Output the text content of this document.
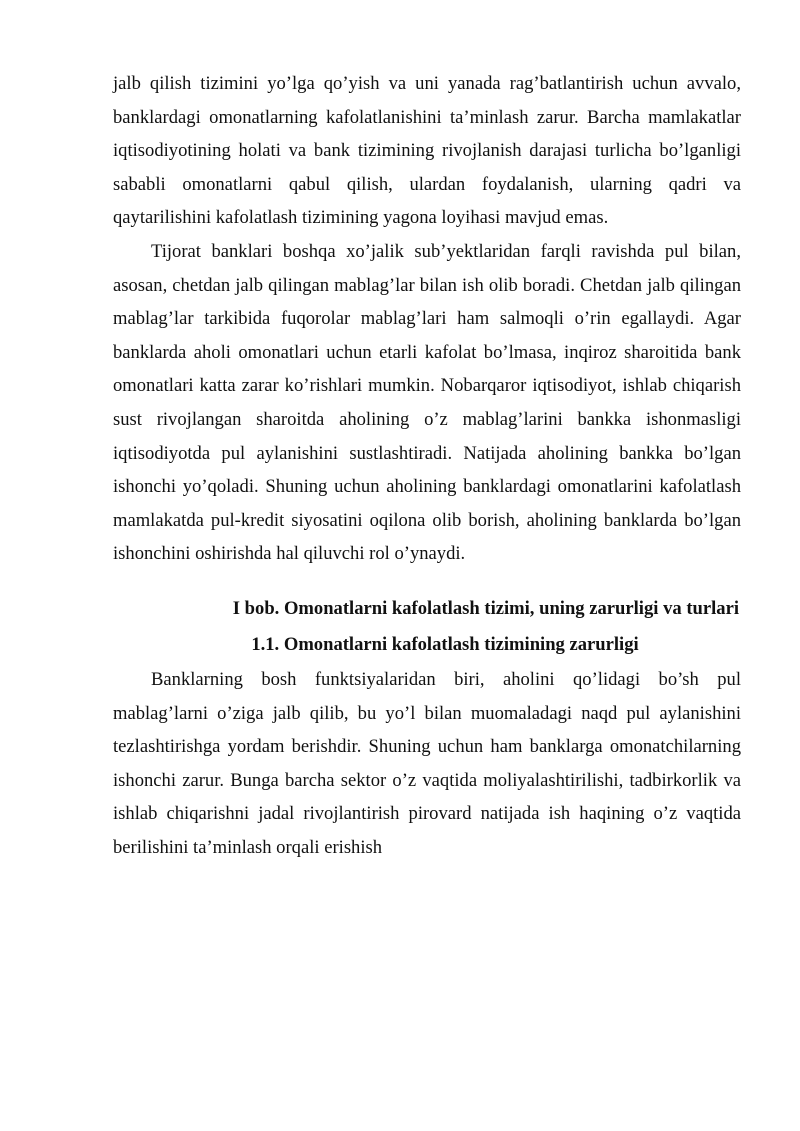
jalb qilish tizimini yo’lga qo’yish va uni yanada rag’batlantirish uchun avvalo, banklardagi omonatlarning kafolatlanishini ta’minlash zarur. Barcha mamlakatlar iqtisodiyotining holati va bank tizimining rivojlanish darajasi turlicha bo’lganligi sababli omonatlarni qabul qilish, ulardan foydalanish, ularning qadri va qaytarilishini kafolatlash tizimining yagona loyihasi mavjud emas.

Tijorat banklari boshqa xo’jalik sub’yektlaridan farqli ravishda pul bilan, asosan, chetdan jalb qilingan mablag’lar bilan ish olib boradi. Chetdan jalb qilingan mablag’lar tarkibida fuqorolar mablag’lari ham salmoqli o’rin egallaydi. Agar banklarda aholi omonatlari uchun etarli kafolat bo’lmasa, inqiroz sharoitida bank omonatlari katta zarar ko’rishlari mumkin. Nobarqaror iqtisodiyot, ishlab chiqarish sust rivojlangan sharoitda aholining o’z mablag’larini bankka ishonmasligi iqtisodiyotda pul aylanishini sustlashtiradi. Natijada aholining bankka bo’lgan ishonchi yo’qoladi. Shuning uchun aholining banklardagi omonatlarini kafolatlash mamlakatda pul-kredit siyosatini oqilona olib borish, aholining banklarda bo’lgan ishonchini oshirishda hal qiluvchi rol o’ynaydi.

I bob. Omonatlarni kafolatlash tizimi, uning zarurligi va turlari
1.1. Omonatlarni kafolatlash tizimining zarurligi

Banklarning bosh funktsiyalaridan biri, aholini qo’lidagi bo’sh pul mablag’larni o’ziga jalb qilib, bu yo’l bilan muomaladagi naqd pul aylanishini tezlashtirishga yordam berishdir. Shuning uchun ham banklarga omonatchilarning ishonchi zarur. Bunga barcha sektor o’z vaqtida moliyalashtirilishi, tadbirkorlik va ishlab chiqarishni jadal rivojlantirish pirovard natijada ish haqining o’z vaqtida berilishini ta’minlash orqali erishish
